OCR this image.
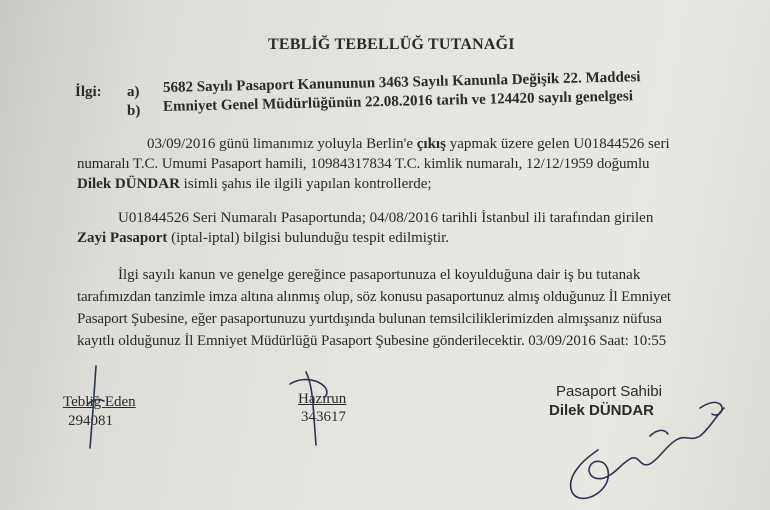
TEBLİĞ TEBELLÜĞ TUTANAĞI
İlgi: a) 5682 Sayılı Pasaport Kanununun 3463 Sayılı Kanunla Değişik 22. Maddesi
b) Emniyet Genel Müdürlüğünün 22.08.2016 tarih ve 124420 sayılı genelgesi
03/09/2016 günü limanımız yoluyla Berlin'e çıkış yapmak üzere gelen U01844526 seri
numaralı T.C. Umumi Pasaport hamili, 10984317834 T.C. kimlik numaralı, 12/12/1959 doğumlu
Dilek DÜNDAR isimli şahıs ile ilgili yapılan kontrollerde;
U01844526 Seri Numaralı Pasaportunda; 04/08/2016 tarihli İstanbul ili tarafından girilen
Zayi Pasaport (iptal-iptal) bilgisi bulunduğu tespit edilmiştir.
İlgi sayılı kanun ve genelge gereğince pasaportunuza el koyulduğuna dair iş bu tutanak
tarafımızdan tanzimle imza altına alınmış olup, söz konusu pasaportunuz almış olduğunuz İl Emniyet
Pasaport Şubesine, eğer pasaportunuzu yurtdışında bulunan temsilciliklerimizden almışsanız nüfusa
kayıtlı olduğunuz İl Emniyet Müdürlüğü Pasaport Şubesine gönderilecektir. 03/09/2016 Saat: 10:55
Tebliğ Eden
294081
Hazırun
343617
Pasaport Sahibi
Dilek DÜNDAR
